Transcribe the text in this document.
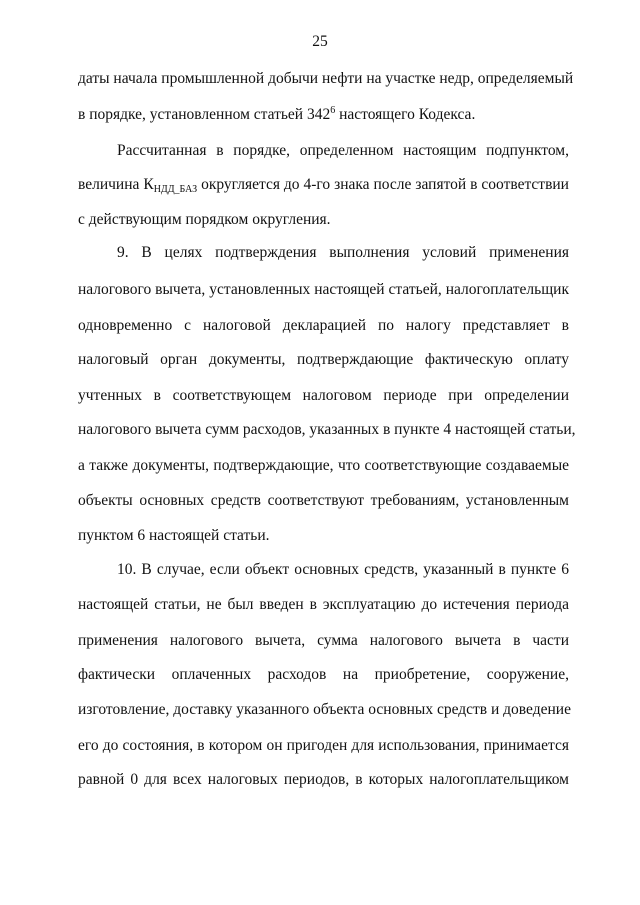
25
даты начала промышленной добычи нефти на участке недр, определяемый
в порядке, установленном статьей $342^6$ настоящего Кодекса.
Рассчитанная в порядке, определенном настоящим подпунктом,
величина КНДД_БАЗ округляется до 4-го знака после запятой в соответствии
с действующим порядком округления.
9. В целях подтверждения выполнения условий применения
налогового вычета, установленных настоящей статьей, налогоплательщик
одновременно с налоговой декларацией по налогу представляет в
налоговый орган документы, подтверждающие фактическую оплату
учтенных в соответствующем налоговом периоде при определении
налогового вычета сумм расходов, указанных в пункте 4 настоящей статьи,
а также документы, подтверждающие, что соответствующие создаваемые
объекты основных средств соответствуют требованиям, установленным
пунктом 6 настоящей статьи.
10. В случае, если объект основных средств, указанный в пункте 6
настоящей статьи, не был введен в эксплуатацию до истечения периода
применения налогового вычета, сумма налогового вычета в части
фактически оплаченных расходов на приобретение, сооружение,
изготовление, доставку указанного объекта основных средств и доведение
его до состояния, в котором он пригоден для использования, принимается
равной 0 для всех налоговых периодов, в которых налогоплательщиком
